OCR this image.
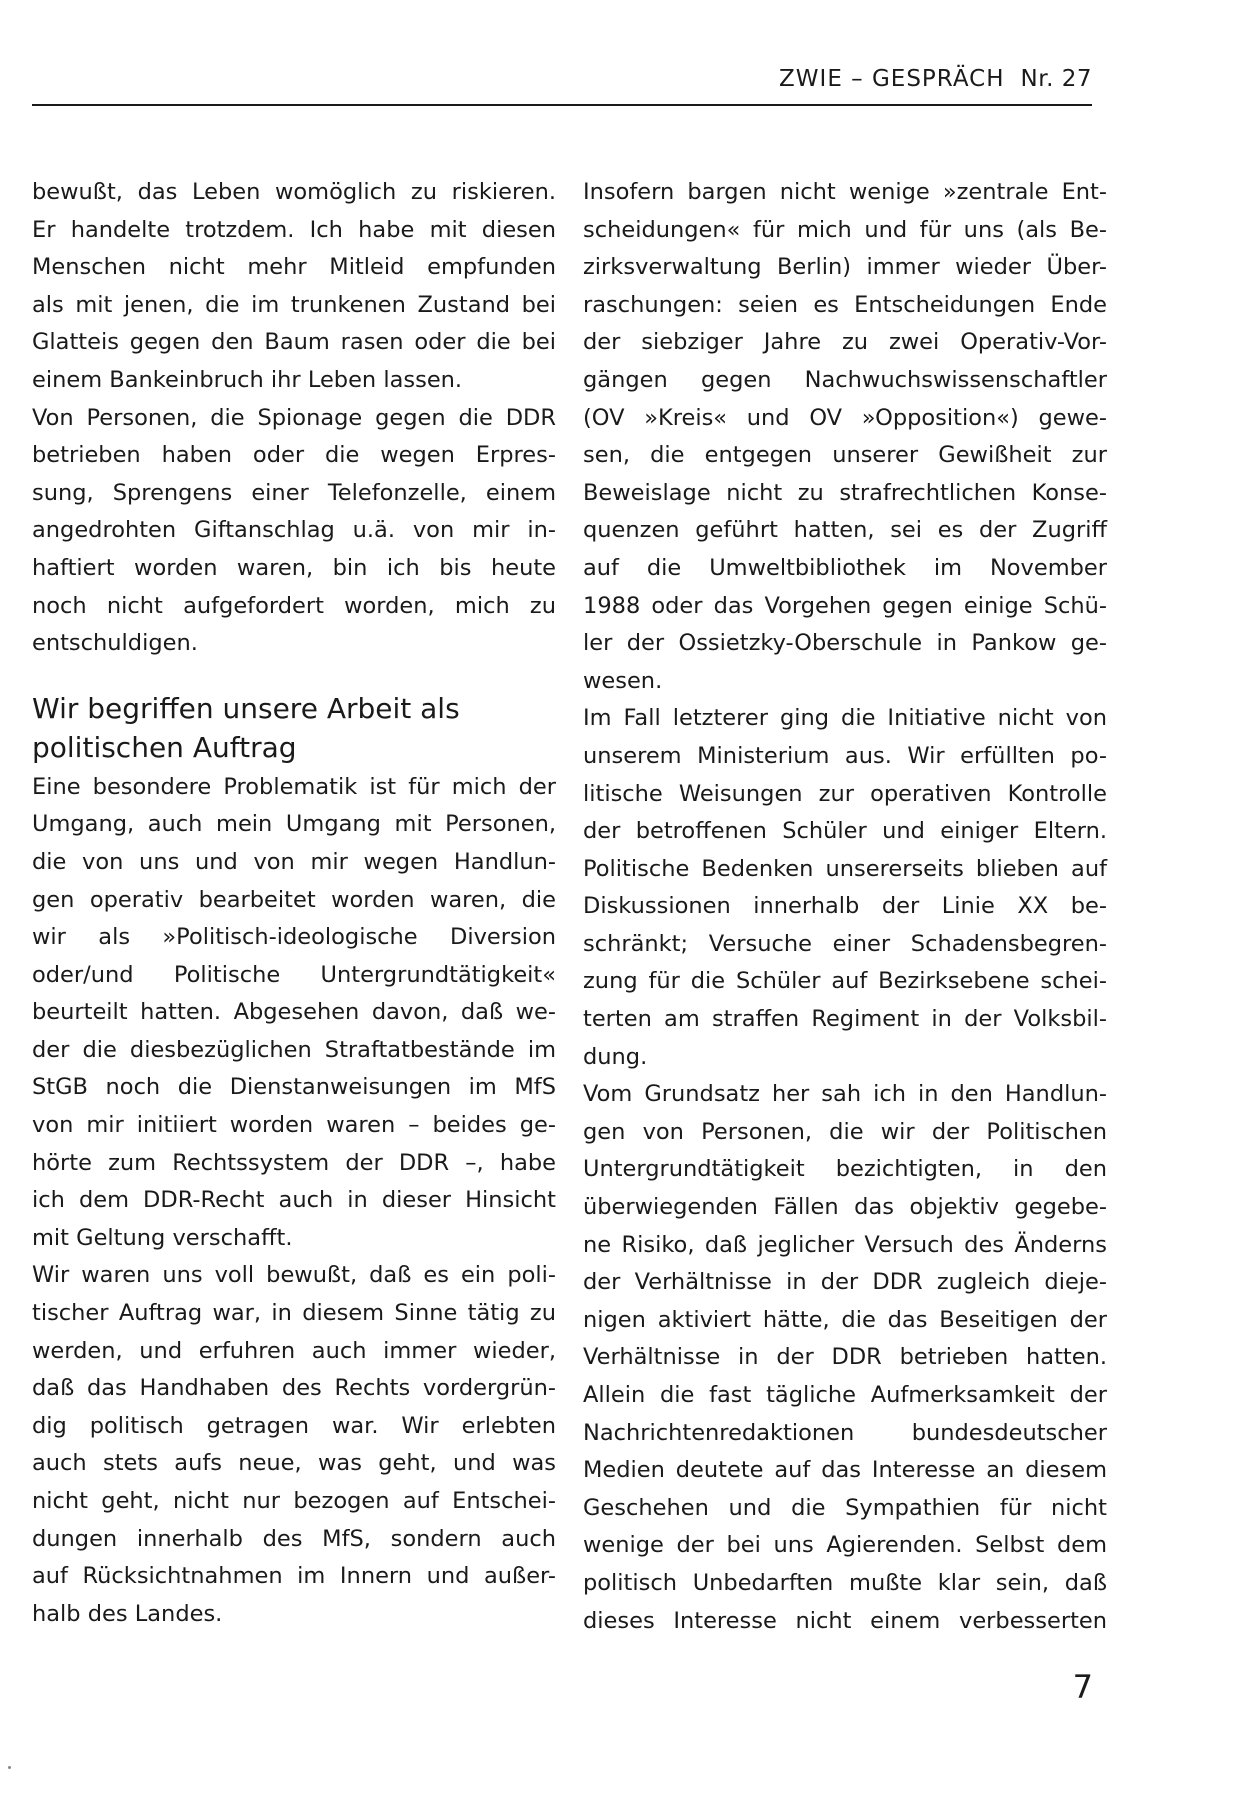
ZWIE – GESPRÄCH Nr. 27
bewußt, das Leben womöglich zu riskieren.
Er handelte trotzdem. Ich habe mit diesen
Menschen nicht mehr Mitleid empfunden
als mit jenen, die im trunkenen Zustand bei
Glatteis gegen den Baum rasen oder die bei
einem Bankeinbruch ihr Leben lassen.
Von Personen, die Spionage gegen die DDR
betrieben haben oder die wegen Erpres-
sung, Sprengens einer Telefonzelle, einem
angedrohten Giftanschlag u.ä. von mir in-
haftiert worden waren, bin ich bis heute
noch nicht aufgefordert worden, mich zu
entschuldigen.
Wir begriffen unsere Arbeit als
politischen Auftrag
Eine besondere Problematik ist für mich der
Umgang, auch mein Umgang mit Personen,
die von uns und von mir wegen Handlun-
gen operativ bearbeitet worden waren, die
wir als »Politisch-ideologische Diversion
oder/und Politische Untergrundtätigkeit«
beurteilt hatten. Abgesehen davon, daß we-
der die diesbezüglichen Straftatbestände im
StGB noch die Dienstanweisungen im MfS
von mir initiiert worden waren – beides ge-
hörte zum Rechtssystem der DDR –, habe
ich dem DDR-Recht auch in dieser Hinsicht
mit Geltung verschafft.
Wir waren uns voll bewußt, daß es ein poli-
tischer Auftrag war, in diesem Sinne tätig zu
werden, und erfuhren auch immer wieder,
daß das Handhaben des Rechts vordergrün-
dig politisch getragen war. Wir erlebten
auch stets aufs neue, was geht, und was
nicht geht, nicht nur bezogen auf Entschei-
dungen innerhalb des MfS, sondern auch
auf Rücksichtnahmen im Innern und außer-
halb des Landes.
Insofern bargen nicht wenige »zentrale Ent-
scheidungen« für mich und für uns (als Be-
zirksverwaltung Berlin) immer wieder Über-
raschungen: seien es Entscheidungen Ende
der siebziger Jahre zu zwei Operativ-Vor-
gängen gegen Nachwuchswissenschaftler
(OV »Kreis« und OV »Opposition«) gewe-
sen, die entgegen unserer Gewißheit zur
Beweislage nicht zu strafrechtlichen Konse-
quenzen geführt hatten, sei es der Zugriff
auf die Umweltbibliothek im November
1988 oder das Vorgehen gegen einige Schü-
ler der Ossietzky-Oberschule in Pankow ge-
wesen.
Im Fall letzterer ging die Initiative nicht von
unserem Ministerium aus. Wir erfüllten po-
litische Weisungen zur operativen Kontrolle
der betroffenen Schüler und einiger Eltern.
Politische Bedenken unsererseits blieben auf
Diskussionen innerhalb der Linie XX be-
schränkt; Versuche einer Schadensbegren-
zung für die Schüler auf Bezirksebene schei-
terten am straffen Regiment in der Volksbil-
dung.
Vom Grundsatz her sah ich in den Handlun-
gen von Personen, die wir der Politischen
Untergrundtätigkeit bezichtigten, in den
überwiegenden Fällen das objektiv gegebe-
ne Risiko, daß jeglicher Versuch des Änderns
der Verhältnisse in der DDR zugleich dieje-
nigen aktiviert hätte, die das Beseitigen der
Verhältnisse in der DDR betrieben hatten.
Allein die fast tägliche Aufmerksamkeit der
Nachrichtenredaktionen bundesdeutscher
Medien deutete auf das Interesse an diesem
Geschehen und die Sympathien für nicht
wenige der bei uns Agierenden. Selbst dem
politisch Unbedarften mußte klar sein, daß
dieses Interesse nicht einem verbesserten
7
